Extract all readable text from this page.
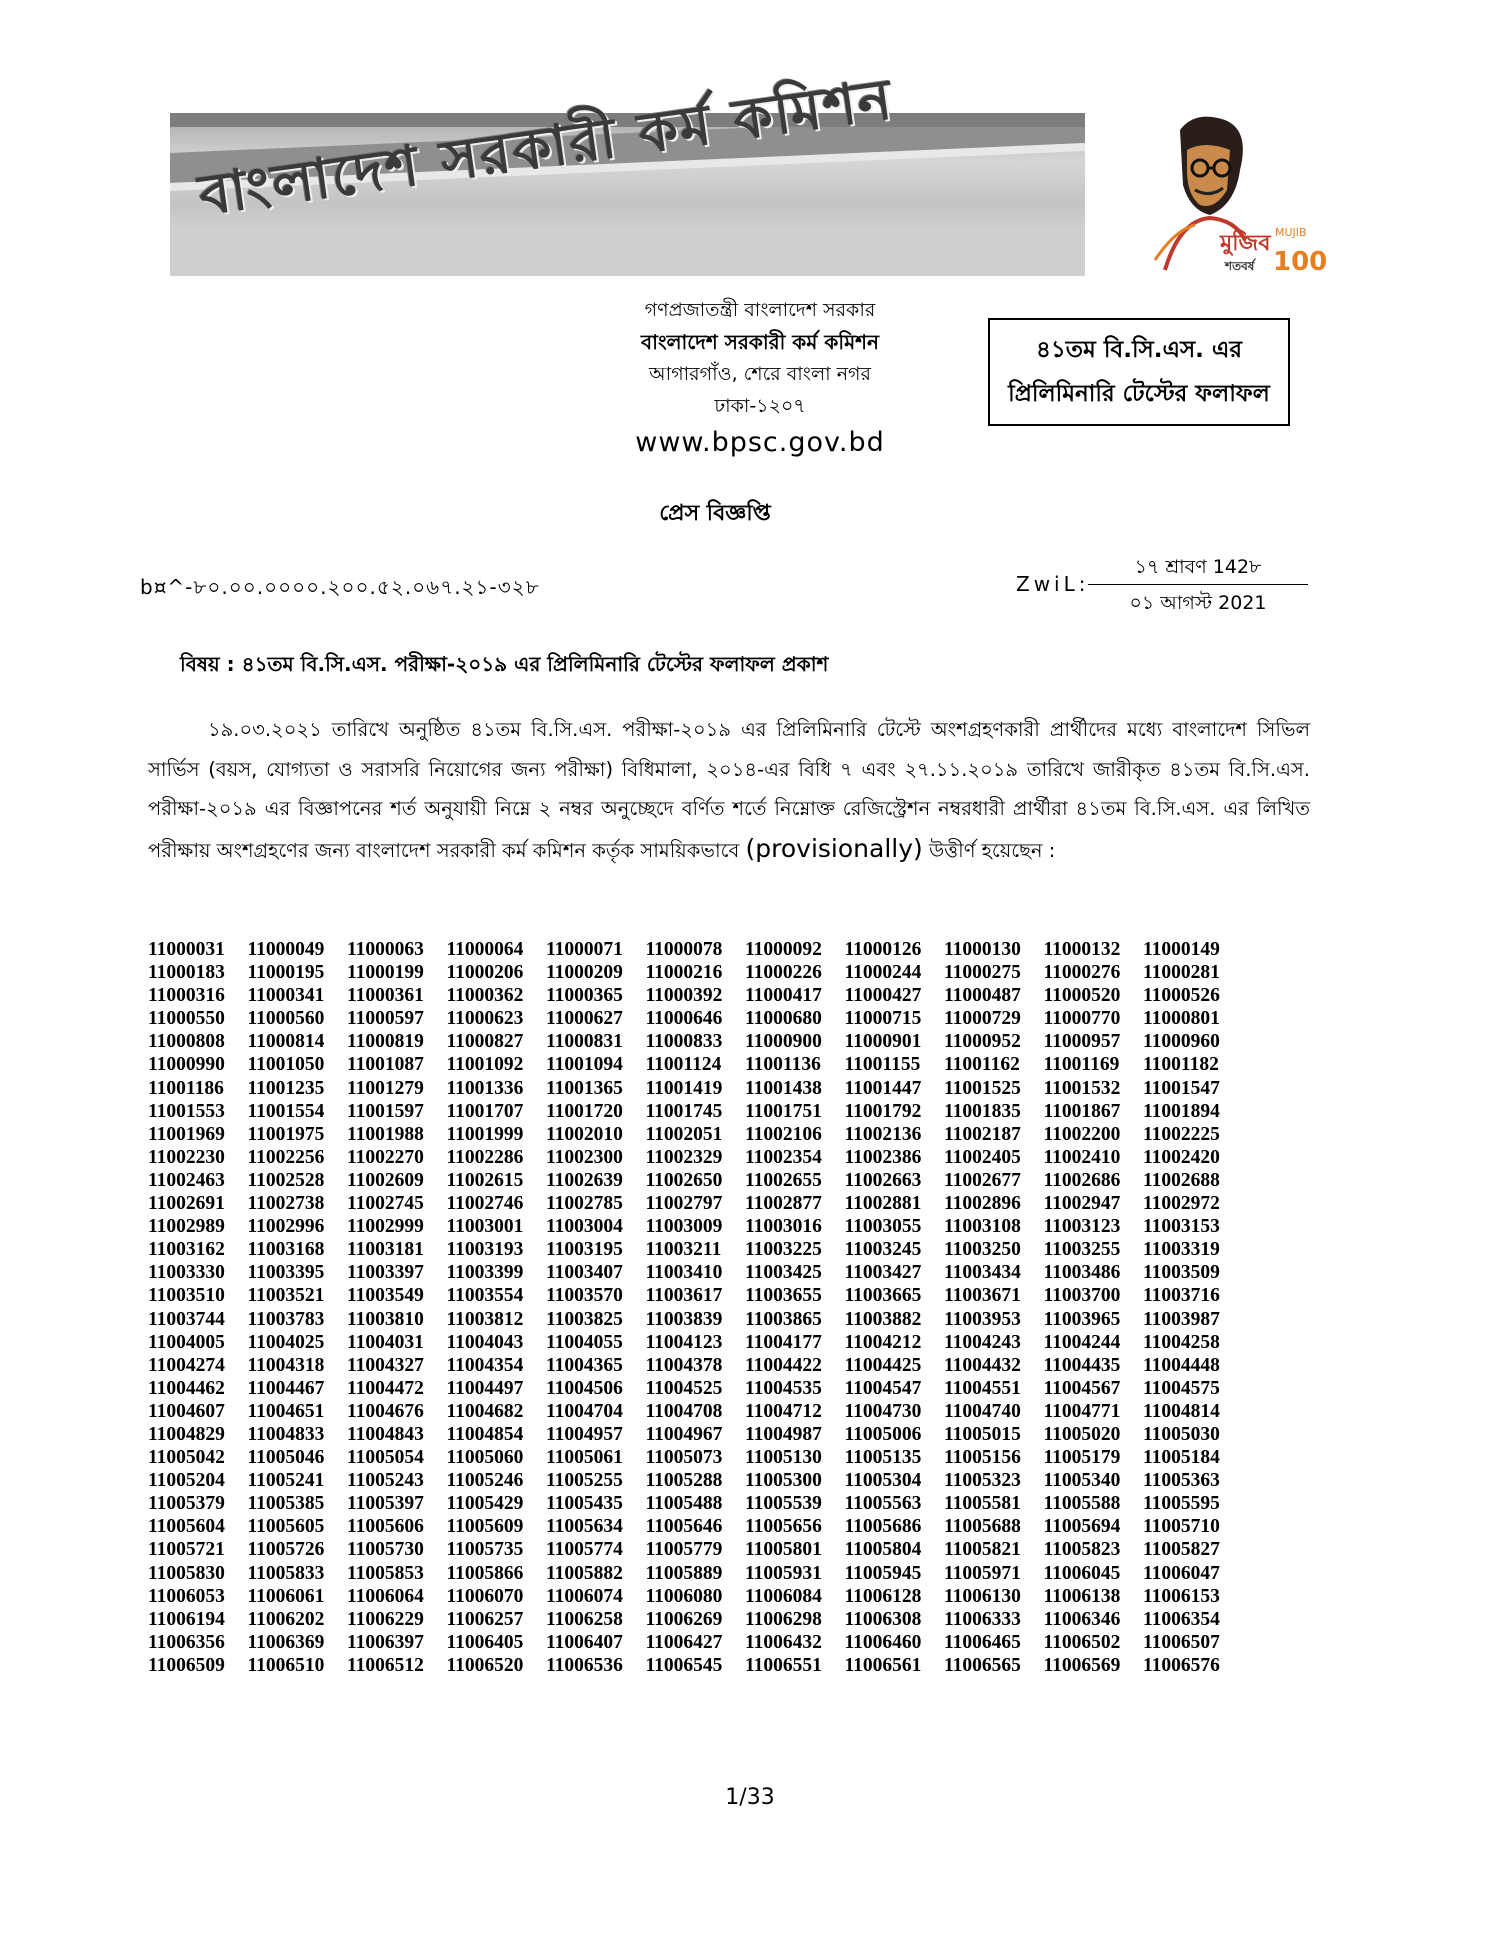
বাংলাদেশ সরকারী কর্ম কমিশন
মুজিব
শতবর্ষ
MUJIB
100
গণপ্রজাতন্ত্রী বাংলাদেশ সরকার
বাংলাদেশ সরকারী কর্ম কমিশন
আগারগাঁও, শেরে বাংলা নগর
ঢাকা-১২০৭
www.bpsc.gov.bd
৪১তম বি.সি.এস. এর
প্রিলিমিনারি টেস্টের ফলাফল
প্রেস বিজ্ঞপ্তি
b¤^-৮০.০০.০০০০.২০০.৫২.০৬৭.২১-৩২৮	ZwiL:
১৭ শ্রাবণ 142৮
০১ আগস্ট 2021
বিষয় : ৪১তম বি.সি.এস. পরীক্ষা-২০১৯ এর প্রিলিমিনারি টেস্টের ফলাফল প্রকাশ
১৯.০৩.২০২১ তারিখে অনুষ্ঠিত ৪১তম বি.সি.এস. পরীক্ষা-২০১৯ এর প্রিলিমিনারি টেস্টে অংশগ্রহণকারী প্রার্থীদের মধ্যে বাংলাদেশ সিভিল সার্ভিস (বয়স, যোগ্যতা ও সরাসরি নিয়োগের জন্য পরীক্ষা) বিধিমালা, ২০১৪-এর বিধি ৭ এবং ২৭.১১.২০১৯ তারিখে জারীকৃত ৪১তম বি.সি.এস. পরীক্ষা-২০১৯ এর বিজ্ঞাপনের শর্ত অনুযায়ী নিম্নে ২ নম্বর অনুচ্ছেদে বর্ণিত শর্তে নিম্নোক্ত রেজিস্ট্রেশন নম্বরধারী প্রার্থীরা ৪১তম বি.সি.এস. এর লিখিত পরীক্ষায় অংশগ্রহণের জন্য বাংলাদেশ সরকারী কর্ম কমিশন কর্তৃক সাময়িকভাবে (provisionally) উত্তীর্ণ হয়েছেন :
11000031	11000049	11000063	11000064	11000071	11000078	11000092	11000126	11000130	11000132	11000149
11000183	11000195	11000199	11000206	11000209	11000216	11000226	11000244	11000275	11000276	11000281
11000316	11000341	11000361	11000362	11000365	11000392	11000417	11000427	11000487	11000520	11000526
11000550	11000560	11000597	11000623	11000627	11000646	11000680	11000715	11000729	11000770	11000801
11000808	11000814	11000819	11000827	11000831	11000833	11000900	11000901	11000952	11000957	11000960
11000990	11001050	11001087	11001092	11001094	11001124	11001136	11001155	11001162	11001169	11001182
11001186	11001235	11001279	11001336	11001365	11001419	11001438	11001447	11001525	11001532	11001547
11001553	11001554	11001597	11001707	11001720	11001745	11001751	11001792	11001835	11001867	11001894
11001969	11001975	11001988	11001999	11002010	11002051	11002106	11002136	11002187	11002200	11002225
11002230	11002256	11002270	11002286	11002300	11002329	11002354	11002386	11002405	11002410	11002420
11002463	11002528	11002609	11002615	11002639	11002650	11002655	11002663	11002677	11002686	11002688
11002691	11002738	11002745	11002746	11002785	11002797	11002877	11002881	11002896	11002947	11002972
11002989	11002996	11002999	11003001	11003004	11003009	11003016	11003055	11003108	11003123	11003153
11003162	11003168	11003181	11003193	11003195	11003211	11003225	11003245	11003250	11003255	11003319
11003330	11003395	11003397	11003399	11003407	11003410	11003425	11003427	11003434	11003486	11003509
11003510	11003521	11003549	11003554	11003570	11003617	11003655	11003665	11003671	11003700	11003716
11003744	11003783	11003810	11003812	11003825	11003839	11003865	11003882	11003953	11003965	11003987
11004005	11004025	11004031	11004043	11004055	11004123	11004177	11004212	11004243	11004244	11004258
11004274	11004318	11004327	11004354	11004365	11004378	11004422	11004425	11004432	11004435	11004448
11004462	11004467	11004472	11004497	11004506	11004525	11004535	11004547	11004551	11004567	11004575
11004607	11004651	11004676	11004682	11004704	11004708	11004712	11004730	11004740	11004771	11004814
11004829	11004833	11004843	11004854	11004957	11004967	11004987	11005006	11005015	11005020	11005030
11005042	11005046	11005054	11005060	11005061	11005073	11005130	11005135	11005156	11005179	11005184
11005204	11005241	11005243	11005246	11005255	11005288	11005300	11005304	11005323	11005340	11005363
11005379	11005385	11005397	11005429	11005435	11005488	11005539	11005563	11005581	11005588	11005595
11005604	11005605	11005606	11005609	11005634	11005646	11005656	11005686	11005688	11005694	11005710
11005721	11005726	11005730	11005735	11005774	11005779	11005801	11005804	11005821	11005823	11005827
11005830	11005833	11005853	11005866	11005882	11005889	11005931	11005945	11005971	11006045	11006047
11006053	11006061	11006064	11006070	11006074	11006080	11006084	11006128	11006130	11006138	11006153
11006194	11006202	11006229	11006257	11006258	11006269	11006298	11006308	11006333	11006346	11006354
11006356	11006369	11006397	11006405	11006407	11006427	11006432	11006460	11006465	11006502	11006507
11006509	11006510	11006512	11006520	11006536	11006545	11006551	11006561	11006565	11006569	11006576
1/33
